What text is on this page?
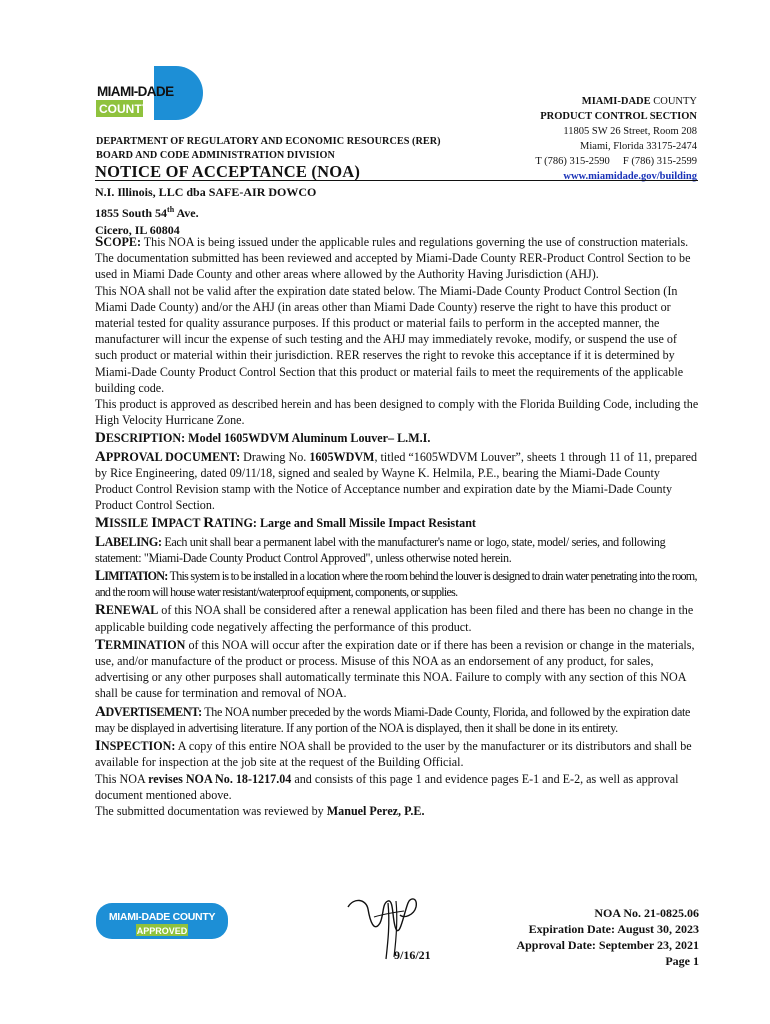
MIAMI-DADE
COUNTY
MIAMI-DADE COUNTY
PRODUCT CONTROL SECTION
11805 SW 26 Street, Room 208
Miami, Florida 33175-2474
T (786) 315-2590     F (786) 315-2599
www.miamidade.gov/building
DEPARTMENT OF REGULATORY AND ECONOMIC RESOURCES (RER)
BOARD AND CODE ADMINISTRATION DIVISION
NOTICE OF ACCEPTANCE (NOA)
N.I. Illinois, LLC dba SAFE-AIR DOWCO
1855 South 54th Ave.
Cicero, IL 60804

SCOPE: This NOA is being issued under the applicable rules and regulations governing the use of construction materials. The documentation submitted has been reviewed and accepted by Miami-Dade County RER-Product Control Section to be used in Miami Dade County and other areas where allowed by the Authority Having Jurisdiction (AHJ).

This NOA shall not be valid after the expiration date stated below. The Miami-Dade County Product Control Section (In Miami Dade County) and/or the AHJ (in areas other than Miami Dade County) reserve the right to have this product or material tested for quality assurance purposes. If this product or material fails to perform in the accepted manner, the manufacturer will incur the expense of such testing and the AHJ may immediately revoke, modify, or suspend the use of such product or material within their jurisdiction. RER reserves the right to revoke this acceptance if it is determined by Miami-Dade County Product Control Section that this product or material fails to meet the requirements of the applicable building code.

This product is approved as described herein and has been designed to comply with the Florida Building Code, including the High Velocity Hurricane Zone.

DESCRIPTION: Model 1605WDVM Aluminum Louver– L.M.I.

APPROVAL DOCUMENT: Drawing No. 1605WDVM, titled “1605WDVM Louver”, sheets 1 through 11 of 11, prepared by Rice Engineering, dated 09/11/18, signed and sealed by Wayne K. Helmila, P.E., bearing the Miami-Dade County Product Control Revision stamp with the Notice of Acceptance number and expiration date by the Miami-Dade County Product Control Section.

MISSILE IMPACT RATING: Large and Small Missile Impact Resistant

LABELING: Each unit shall bear a permanent label with the manufacturer's name or logo, state, model/ series, and following statement: "Miami-Dade County Product Control Approved", unless otherwise noted herein.

LIMITATION: This system is to be installed in a location where the room behind the louver is designed to drain water penetrating into the room, and the room will house water resistant/waterproof equipment, components, or supplies.

RENEWAL of this NOA shall be considered after a renewal application has been filed and there has been no change in the applicable building code negatively affecting the performance of this product.

TERMINATION of this NOA will occur after the expiration date or if there has been a revision or change in the materials, use, and/or manufacture of the product or process. Misuse of this NOA as an endorsement of any product, for sales, advertising or any other purposes shall automatically terminate this NOA. Failure to comply with any section of this NOA shall be cause for termination and removal of NOA.

ADVERTISEMENT: The NOA number preceded by the words Miami-Dade County, Florida, and followed by the expiration date may be displayed in advertising literature. If any portion of the NOA is displayed, then it shall be done in its entirety.

INSPECTION: A copy of this entire NOA shall be provided to the user by the manufacturer or its distributors and shall be available for inspection at the job site at the request of the Building Official.

This NOA revises NOA No. 18-1217.04 and consists of this page 1 and evidence pages E-1 and E-2, as well as approval document mentioned above.

The submitted documentation was reviewed by Manuel Perez, P.E.

MIAMI-DADE COUNTY
APPROVED
9/16/21
NOA No. 21-0825.06
Expiration Date: August 30, 2023
Approval Date: September 23, 2021
Page 1
